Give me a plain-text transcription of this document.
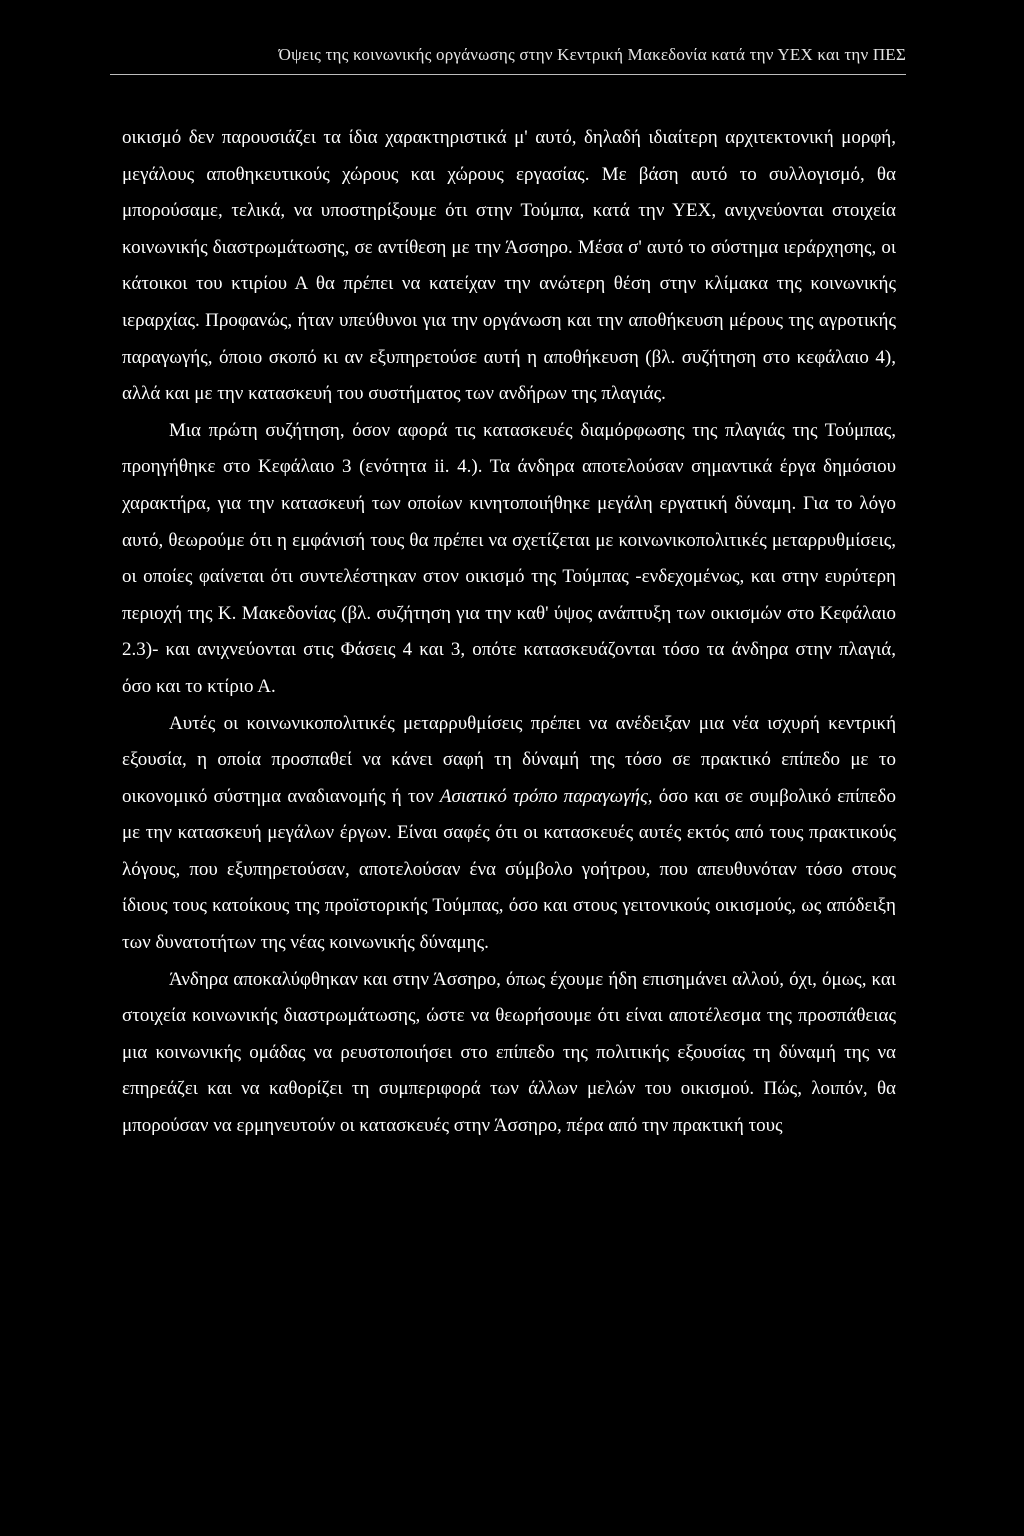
Όψεις της κοινωνικής οργάνωσης στην Κεντρική Μακεδονία κατά την ΥΕΧ και την ΠΕΣ

οικισμό δεν παρουσιάζει τα ίδια χαρακτηριστικά μ' αυτό, δηλαδή ιδιαίτερη αρχιτεκτονική μορφή, μεγάλους αποθηκευτικούς χώρους και χώρους εργασίας. Με βάση αυτό το συλλογισμό, θα μπορούσαμε, τελικά, να υποστηρίξουμε ότι στην Τούμπα, κατά την ΥΕΧ, ανιχνεύονται στοιχεία κοινωνικής διαστρωμάτωσης, σε αντίθεση με την Άσσηρο. Μέσα σ' αυτό το σύστημα ιεράρχησης, οι κάτοικοι του κτιρίου Α θα πρέπει να κατείχαν την ανώτερη θέση στην κλίμακα της κοινωνικής ιεραρχίας. Προφανώς, ήταν υπεύθυνοι για την οργάνωση και την αποθήκευση μέρους της αγροτικής παραγωγής, όποιο σκοπό κι αν εξυπηρετούσε αυτή η αποθήκευση (βλ. συζήτηση στο κεφάλαιο 4), αλλά και με την κατασκευή του συστήματος των ανδήρων της πλαγιάς.

Μια πρώτη συζήτηση, όσον αφορά τις κατασκευές διαμόρφωσης της πλαγιάς της Τούμπας, προηγήθηκε στο Κεφάλαιο 3 (ενότητα ii. 4.). Τα άνδηρα αποτελούσαν σημαντικά έργα δημόσιου χαρακτήρα, για την κατασκευή των οποίων κινητοποιήθηκε μεγάλη εργατική δύναμη. Για το λόγο αυτό, θεωρούμε ότι η εμφάνισή τους θα πρέπει να σχετίζεται με κοινωνικοπολιτικές μεταρρυθμίσεις, οι οποίες φαίνεται ότι συντελέστηκαν στον οικισμό της Τούμπας -ενδεχομένως, και στην ευρύτερη περιοχή της Κ. Μακεδονίας (βλ. συζήτηση για την καθ' ύψος ανάπτυξη των οικισμών στο Κεφάλαιο 2.3)- και ανιχνεύονται στις Φάσεις 4 και 3, οπότε κατασκευάζονται τόσο τα άνδηρα στην πλαγιά, όσο και το κτίριο Α.

Αυτές οι κοινωνικοπολιτικές μεταρρυθμίσεις πρέπει να ανέδειξαν μια νέα ισχυρή κεντρική εξουσία, η οποία προσπαθεί να κάνει σαφή τη δύναμή της τόσο σε πρακτικό επίπεδο με το οικονομικό σύστημα αναδιανομής ή τον Ασιατικό τρόπο παραγωγής, όσο και σε συμβολικό επίπεδο με την κατασκευή μεγάλων έργων. Είναι σαφές ότι οι κατασκευές αυτές εκτός από τους πρακτικούς λόγους, που εξυπηρετούσαν, αποτελούσαν ένα σύμβολο γοήτρου, που απευθυνόταν τόσο στους ίδιους τους κατοίκους της προϊστορικής Τούμπας, όσο και στους γειτονικούς οικισμούς, ως απόδειξη των δυνατοτήτων της νέας κοινωνικής δύναμης.

Άνδηρα αποκαλύφθηκαν και στην Άσσηρο, όπως έχουμε ήδη επισημάνει αλλού, όχι, όμως, και στοιχεία κοινωνικής διαστρωμάτωσης, ώστε να θεωρήσουμε ότι είναι αποτέλεσμα της προσπάθειας μια κοινωνικής ομάδας να ρευστοποιήσει στο επίπεδο της πολιτικής εξουσίας τη δύναμή της να επηρεάζει και να καθορίζει τη συμπεριφορά των άλλων μελών του οικισμού. Πώς, λοιπόν, θα μπορούσαν να ερμηνευτούν οι κατασκευές στην Άσσηρο, πέρα από την πρακτική τους
